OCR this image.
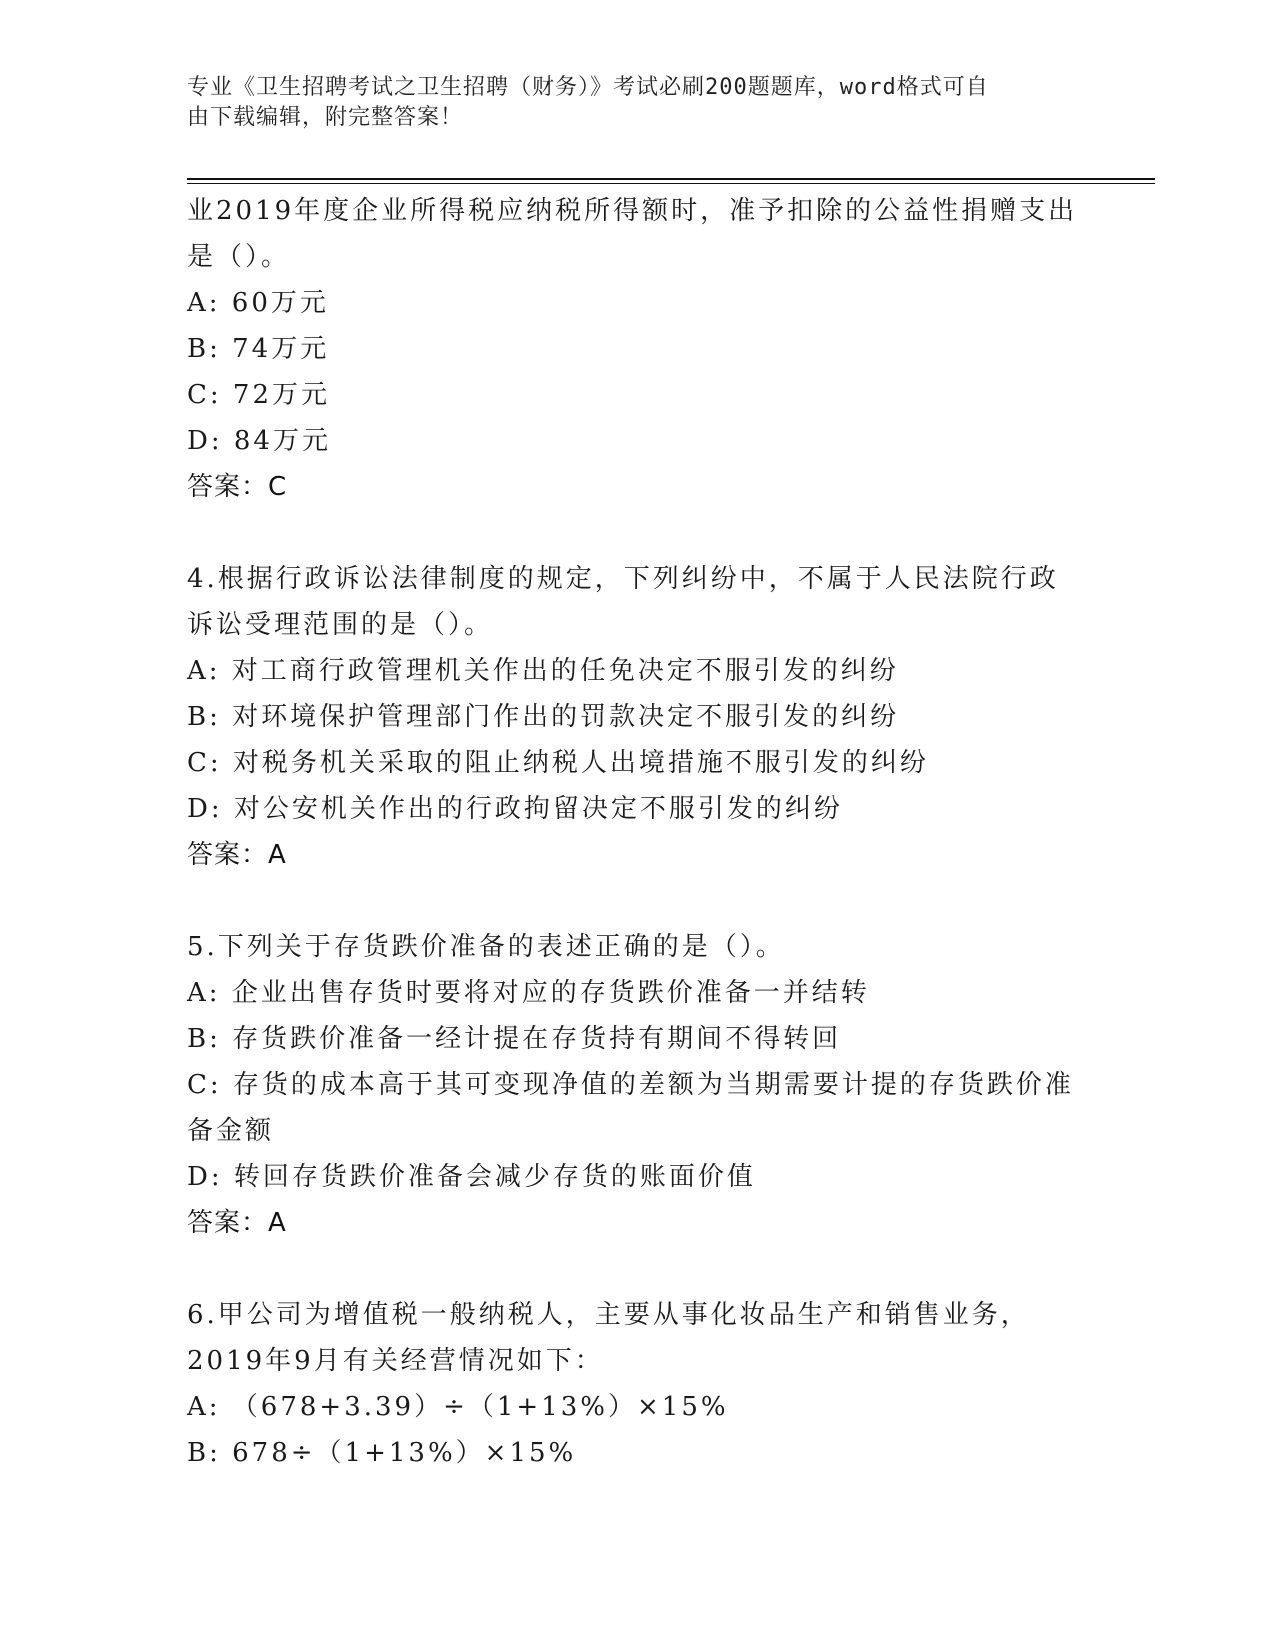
专业《卫生招聘考试之卫生招聘（财务）》考试必刷200题题库，word格式可自
由下载编辑，附完整答案！
业2019年度企业所得税应纳税所得额时，准予扣除的公益性捐赠支出
是（）。
A: 60万元
B: 74万元
C: 72万元
D: 84万元
答案：C
4.根据行政诉讼法律制度的规定，下列纠纷中，不属于人民法院行政
诉讼受理范围的是（）。
A: 对工商行政管理机关作出的任免决定不服引发的纠纷
B: 对环境保护管理部门作出的罚款决定不服引发的纠纷
C: 对税务机关采取的阻止纳税人出境措施不服引发的纠纷
D: 对公安机关作出的行政拘留决定不服引发的纠纷
答案：A
5.下列关于存货跌价准备的表述正确的是（）。
A: 企业出售存货时要将对应的存货跌价准备一并结转
B: 存货跌价准备一经计提在存货持有期间不得转回
C: 存货的成本高于其可变现净值的差额为当期需要计提的存货跌价准
备金额
D: 转回存货跌价准备会减少存货的账面价值
答案：A
6.甲公司为增值税一般纳税人，主要从事化妆品生产和销售业务，
2019年9月有关经营情况如下：
A: （678+3.39）÷（1+13%）×15%
B: 678÷（1+13%）×15%
